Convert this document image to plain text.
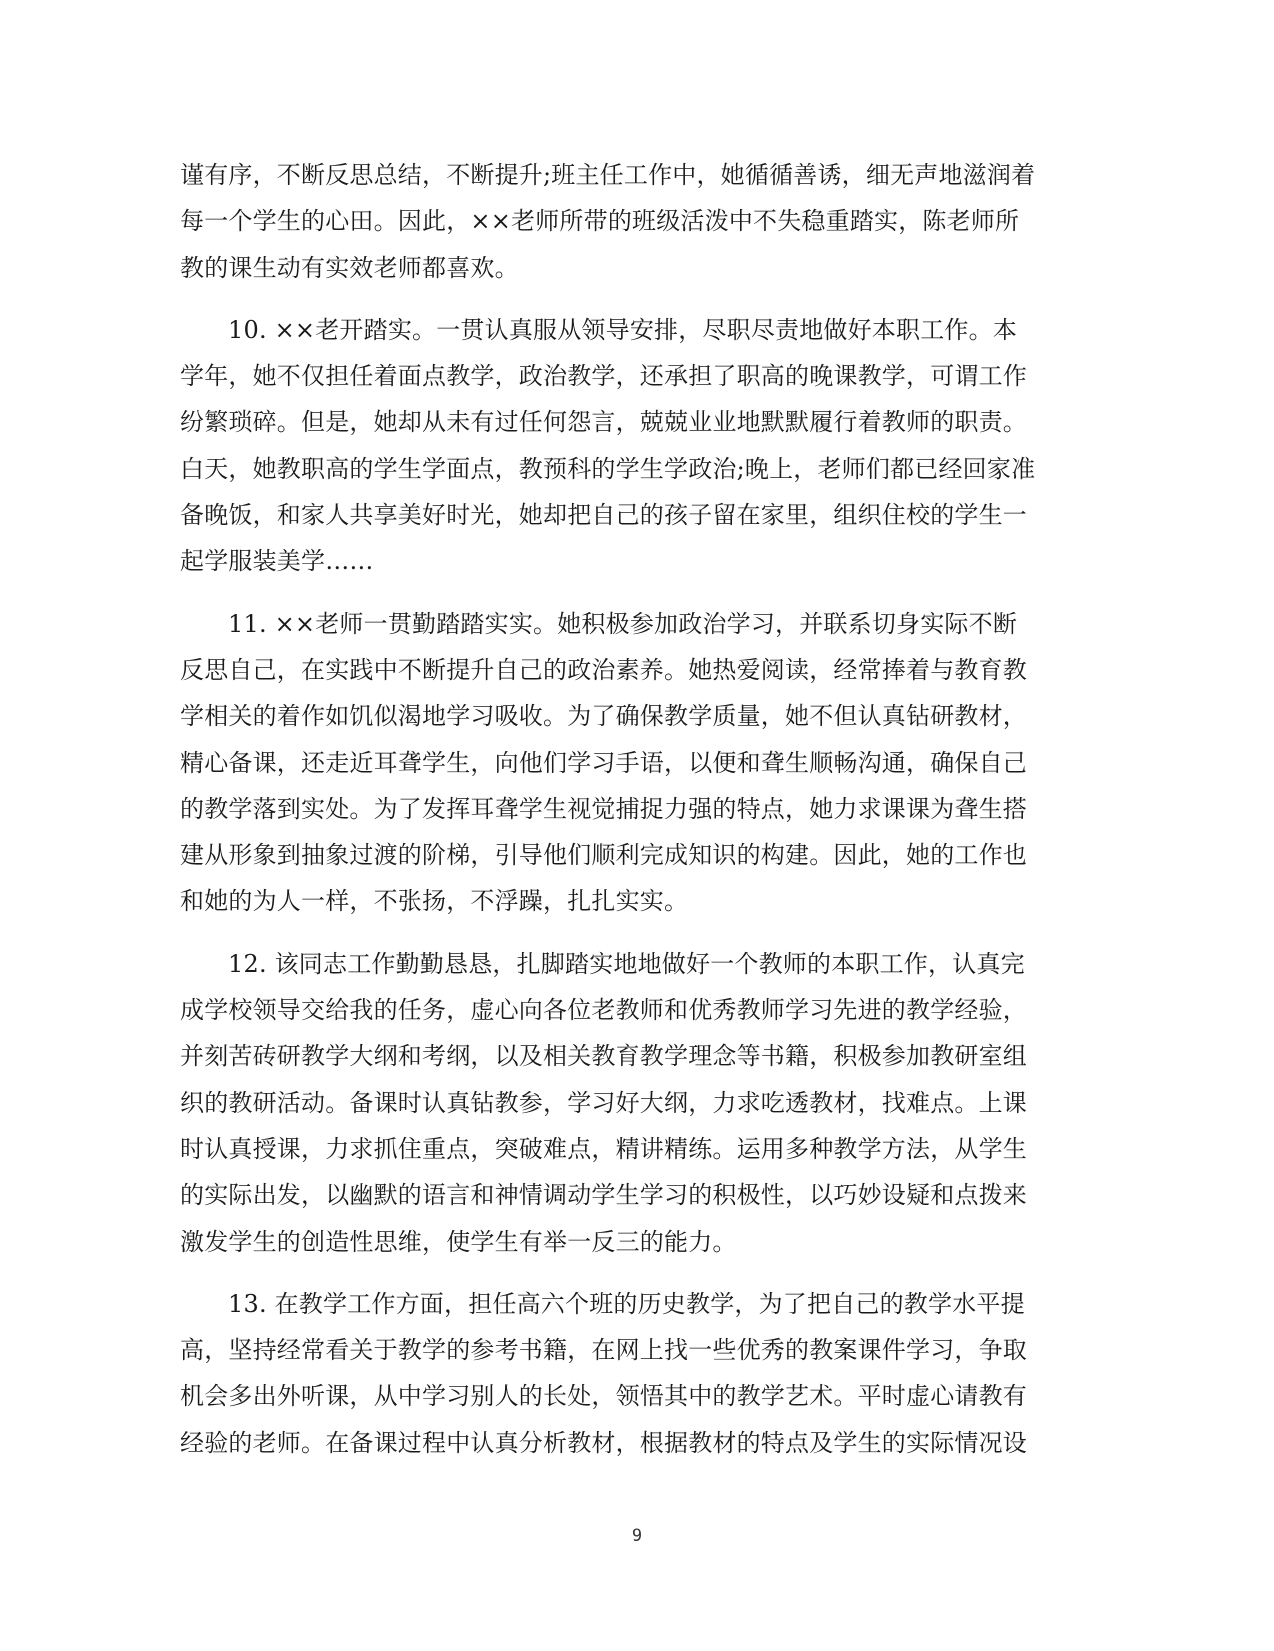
谨有序，不断反思总结，不断提升;班主任工作中，她循循善诱，细无声地滋润着
每一个学生的心田。因此，××老师所带的班级活泼中不失稳重踏实，陈老师所
教的课生动有实效老师都喜欢。

10. ××老开踏实。一贯认真服从领导安排，尽职尽责地做好本职工作。本
学年，她不仅担任着面点教学，政治教学，还承担了职高的晚课教学，可谓工作
纷繁琐碎。但是，她却从未有过任何怨言，兢兢业业地默默履行着教师的职责。
白天，她教职高的学生学面点，教预科的学生学政治;晚上，老师们都已经回家准
备晚饭，和家人共享美好时光，她却把自己的孩子留在家里，组织住校的学生一
起学服装美学……

11. ××老师一贯勤踏踏实实。她积极参加政治学习，并联系切身实际不断
反思自己，在实践中不断提升自己的政治素养。她热爱阅读，经常捧着与教育教
学相关的着作如饥似渴地学习吸收。为了确保教学质量，她不但认真钻研教材，
精心备课，还走近耳聋学生，向他们学习手语，以便和聋生顺畅沟通，确保自己
的教学落到实处。为了发挥耳聋学生视觉捕捉力强的特点，她力求课课为聋生搭
建从形象到抽象过渡的阶梯，引导他们顺利完成知识的构建。因此，她的工作也
和她的为人一样，不张扬，不浮躁，扎扎实实。

12. 该同志工作勤勤恳恳，扎脚踏实地地做好一个教师的本职工作，认真完
成学校领导交给我的任务，虚心向各位老教师和优秀教师学习先进的教学经验，
并刻苦砖研教学大纲和考纲，以及相关教育教学理念等书籍，积极参加教研室组
织的教研活动。备课时认真钻教参，学习好大纲，力求吃透教材，找难点。上课
时认真授课，力求抓住重点，突破难点，精讲精练。运用多种教学方法，从学生
的实际出发，以幽默的语言和神情调动学生学习的积极性，以巧妙设疑和点拨来
激发学生的创造性思维，使学生有举一反三的能力。

13. 在教学工作方面，担任高六个班的历史教学，为了把自己的教学水平提
高，坚持经常看关于教学的参考书籍，在网上找一些优秀的教案课件学习，争取
机会多出外听课，从中学习别人的长处，领悟其中的教学艺术。平时虚心请教有
经验的老师。在备课过程中认真分析教材，根据教材的特点及学生的实际情况设

9
